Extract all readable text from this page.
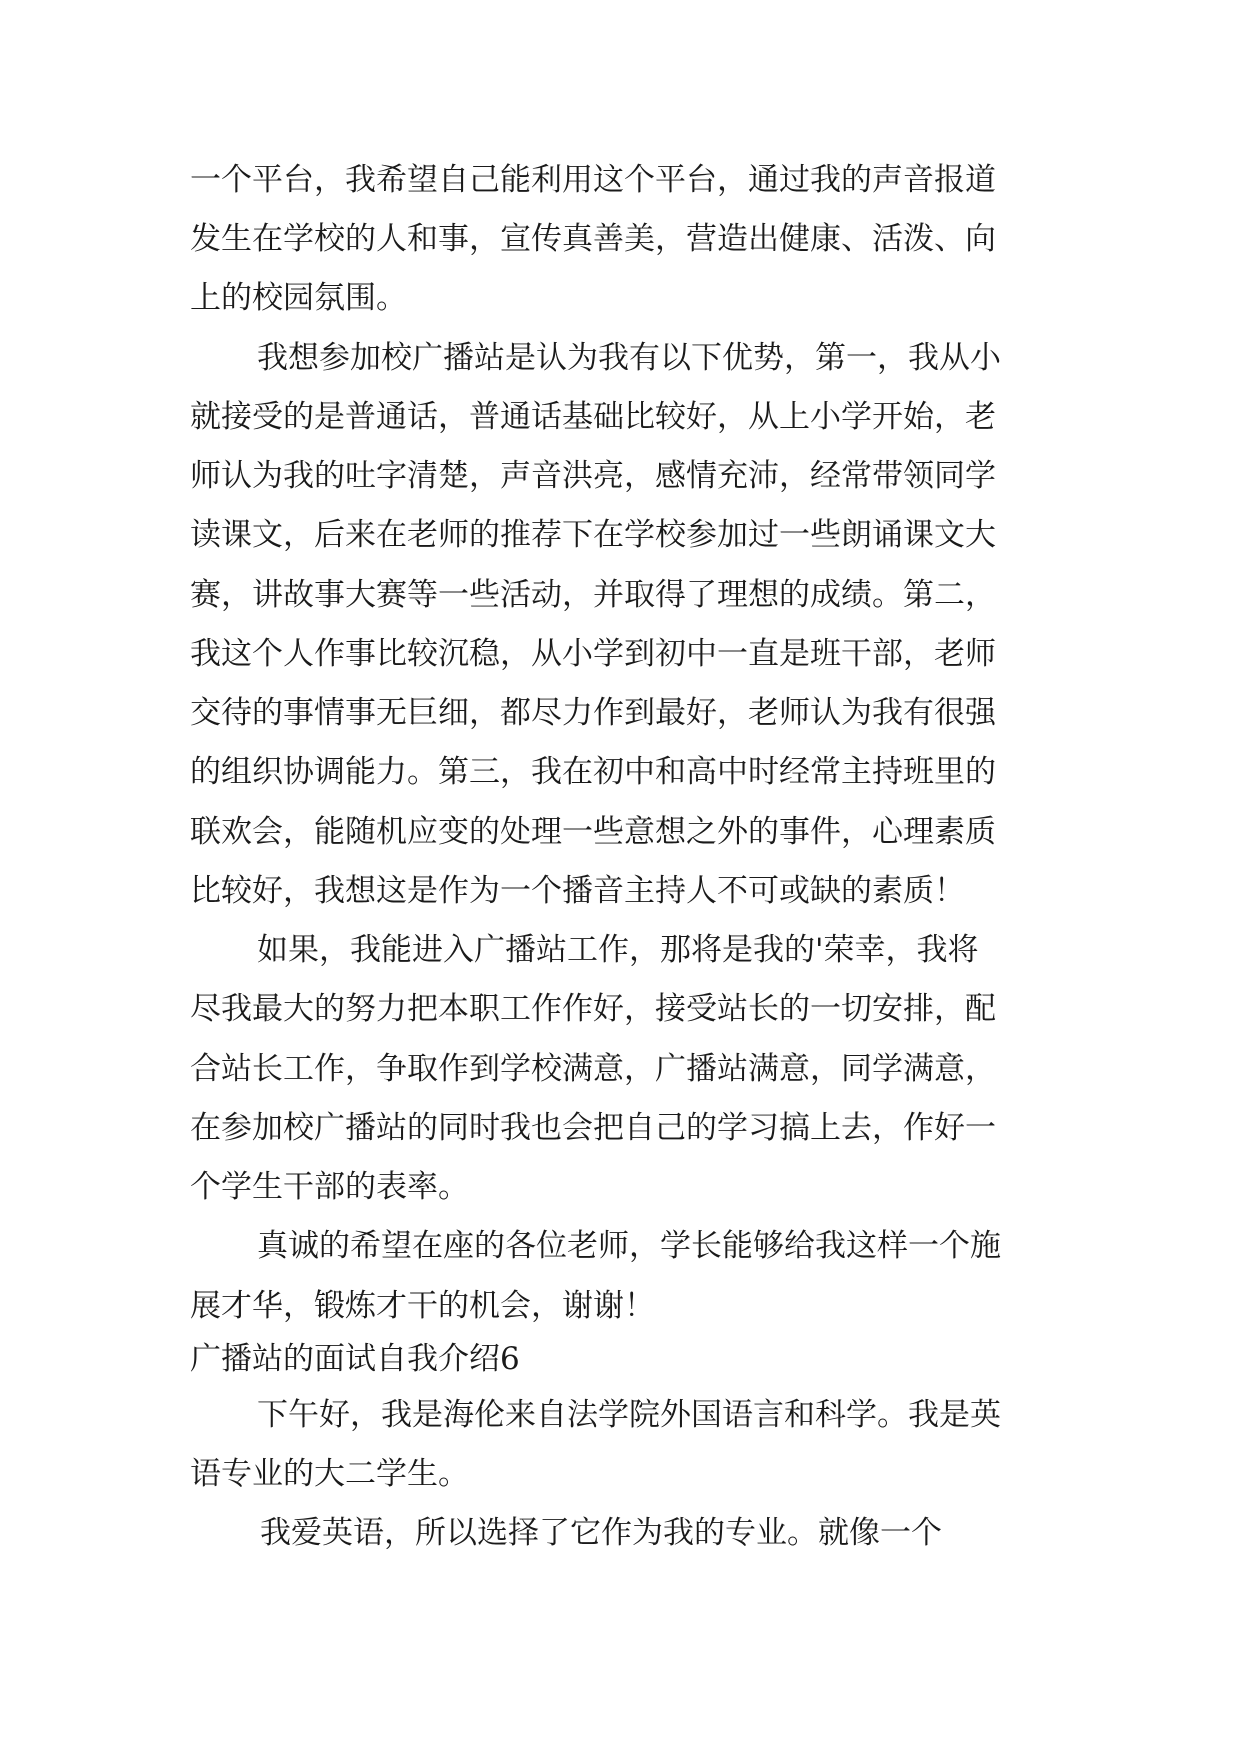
一个平台，我希望自己能利用这个平台，通过我的声音报道
发生在学校的人和事，宣传真善美，营造出健康、活泼、向
上的校园氛围。
我想参加校广播站是认为我有以下优势，第一，我从小
就接受的是普通话，普通话基础比较好，从上小学开始，老
师认为我的吐字清楚，声音洪亮，感情充沛，经常带领同学
读课文，后来在老师的推荐下在学校参加过一些朗诵课文大
赛，讲故事大赛等一些活动，并取得了理想的成绩。第二，
我这个人作事比较沉稳，从小学到初中一直是班干部，老师
交待的事情事无巨细，都尽力作到最好，老师认为我有很强
的组织协调能力。第三，我在初中和高中时经常主持班里的
联欢会，能随机应变的处理一些意想之外的事件，心理素质
比较好，我想这是作为一个播音主持人不可或缺的素质！
如果，我能进入广播站工作，那将是我的'荣幸，我将
尽我最大的努力把本职工作作好，接受站长的一切安排，配
合站长工作，争取作到学校满意，广播站满意，同学满意，
在参加校广播站的同时我也会把自己的学习搞上去，作好一
个学生干部的表率。
真诚的希望在座的各位老师，学长能够给我这样一个施
展才华，锻炼才干的机会，谢谢！
广播站的面试自我介绍6
下午好，我是海伦来自法学院外国语言和科学。我是英
语专业的大二学生。
我爱英语，所以选择了它作为我的专业。就像一个
